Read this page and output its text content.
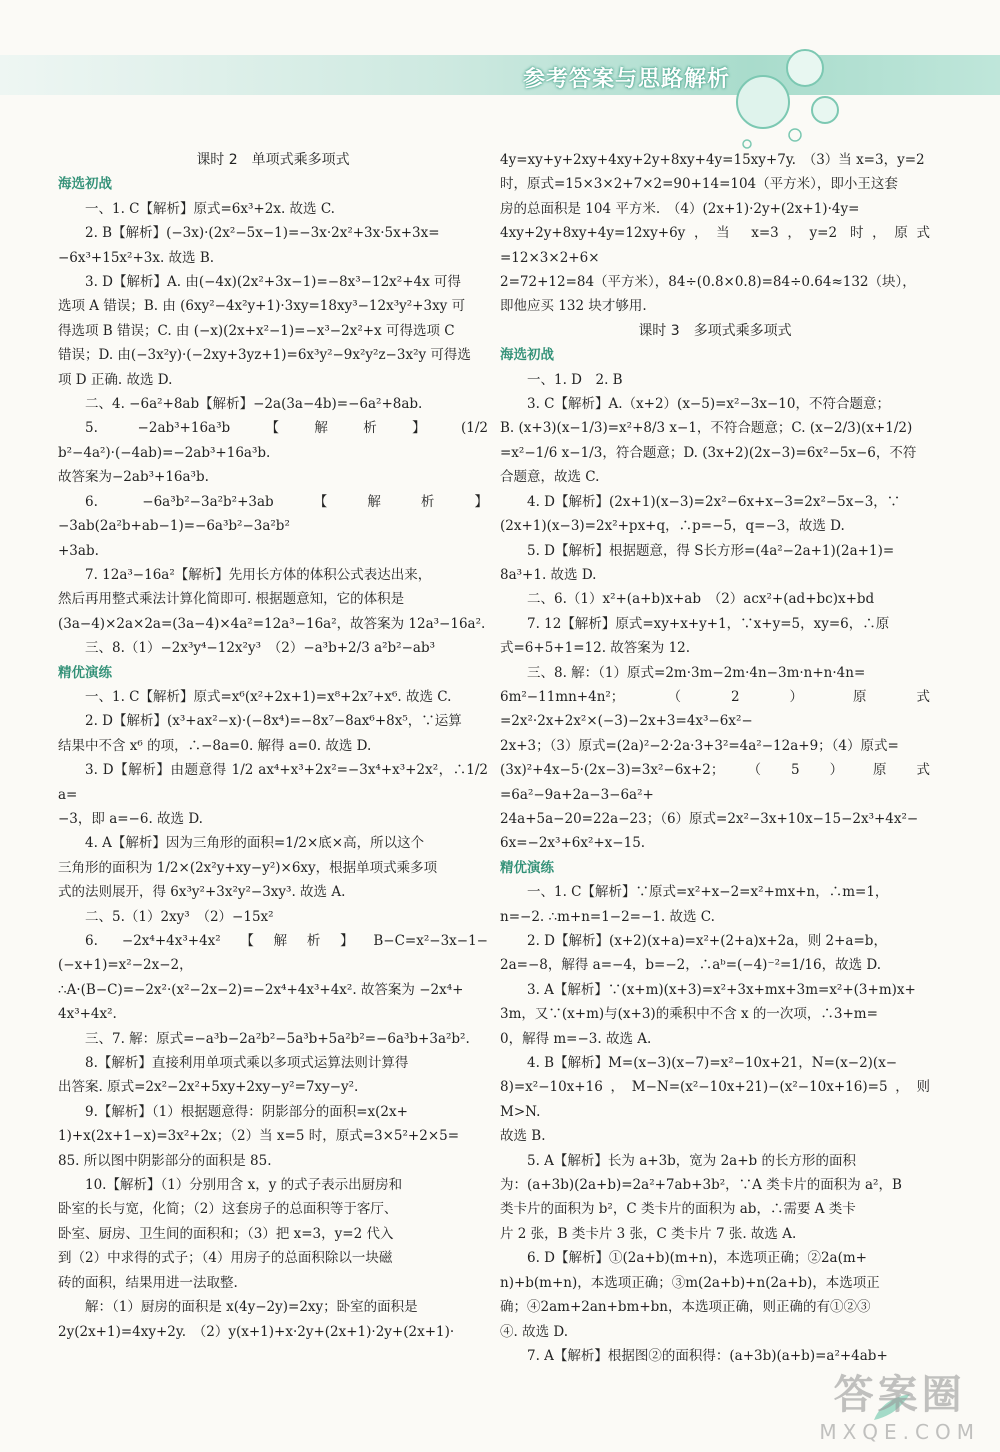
参考答案与思路解析
课时 2　单项式乘多项式
海选初战

一、1. C【解析】原式=6x³+2x. 故选 C.

2. B【解析】(−3x)·(2x²−5x−1)=−3x·2x²+3x·5x+3x=

−6x³+15x²+3x. 故选 B.

3. D【解析】A. 由(−4x)(2x²+3x−1)=−8x³−12x²+4x 可得

选项 A 错误；B. 由 (6xy²−4x²y+1)·3xy=18xy³−12x³y²+3xy 可

得选项 B 错误；C. 由 (−x)(2x+x²−1)=−x³−2x²+x 可得选项 C

错误；D. 由(−3x²y)·(−2xy+3yz+1)=6x³y²−9x²y²z−3x²y 可得选

项 D 正确. 故选 D.

二、4. −6a²+8ab【解析】−2a(3a−4b)=−6a²+8ab.

5. −2ab³+16a³b【解析】(1/2 b²−4a²)·(−4ab)=−2ab³+16a³b.

故答案为−2ab³+16a³b.

6. −6a³b²−3a²b²+3ab【解析】−3ab(2a²b+ab−1)=−6a³b²−3a²b²

+3ab.

7. 12a³−16a²【解析】先用长方体的体积公式表达出来，

然后再用整式乘法计算化简即可. 根据题意知，它的体积是

(3a−4)×2a×2a=(3a−4)×4a²=12a³−16a²，故答案为 12a³−16a².

三、8.（1）−2x³y⁴−12x²y³　（2）−a³b+2/3 a²b²−ab³

精优演练

一、1. C【解析】原式=x⁶(x²+2x+1)=x⁸+2x⁷+x⁶. 故选 C.

2. D【解析】(x³+ax²−x)·(−8x⁴)=−8x⁷−8ax⁶+8x⁵，∵运算

结果中不含 x⁶ 的项，∴−8a=0. 解得 a=0. 故选 D.

3. D【解析】由题意得 1/2 ax⁴+x³+2x²=−3x⁴+x³+2x²，∴1/2 a=

−3，即 a=−6. 故选 D.

4. A【解析】因为三角形的面积=1/2×底×高，所以这个

三角形的面积为 1/2×(2x²y+xy−y²)×6xy，根据单项式乘多项

式的法则展开，得 6x³y²+3x²y²−3xy³. 故选 A.

二、5.（1）2xy³　（2）−15x²

6. −2x⁴+4x³+4x²【解析】B−C=x²−3x−1−(−x+1)=x²−2x−2，

∴A·(B−C)=−2x²·(x²−2x−2)=−2x⁴+4x³+4x². 故答案为 −2x⁴+

4x³+4x².

三、7. 解：原式=−a³b−2a²b²−5a³b+5a²b²=−6a³b+3a²b².

8.【解析】直接利用单项式乘以多项式运算法则计算得

出答案. 原式=2x²−2x²+5xy+2xy−y²=7xy−y².

9.【解析】（1）根据题意得：阴影部分的面积=x(2x+

1)+x(2x+1−x)=3x²+2x；（2）当 x=5 时，原式=3×5²+2×5=

85. 所以图中阴影部分的面积是 85.

10.【解析】（1）分别用含 x，y 的式子表示出厨房和

卧室的长与宽，化简；（2）这套房子的总面积等于客厅、

卧室、厨房、卫生间的面积和；（3）把 x=3，y=2 代入

到（2）中求得的式子；（4）用房子的总面积除以一块磁

砖的面积，结果用进一法取整.

解：（1）厨房的面积是 x(4y−2y)=2xy；卧室的面积是

2y(2x+1)=4xy+2y.　（2）y(x+1)+x·2y+(2x+1)·2y+(2x+1)·

4y=xy+y+2xy+4xy+2y+8xy+4y=15xy+7y.　（3）当 x=3，y=2

时，原式=15×3×2+7×2=90+14=104（平方米），即小王这套

房的总面积是 104 平方米.　（4）(2x+1)·2y+(2x+1)·4y=

4xy+2y+8xy+4y=12xy+6y，当 x=3，y=2 时，原式=12×3×2+6×

2=72+12=84（平方米），84÷(0.8×0.8)=84÷0.64≈132（块），

即他应买 132 块才够用.

课时 3　多项式乘多项式
海选初战

一、1. D　2. B

3. C【解析】A.（x+2）(x−5)=x²−3x−10，不符合题意；

B. (x+3)(x−1/3)=x²+8/3 x−1，不符合题意；C. (x−2/3)(x+1/2)

=x²−1/6 x−1/3，符合题意；D. (3x+2)(2x−3)=6x²−5x−6，不符

合题意，故选 C.

4. D【解析】(2x+1)(x−3)=2x²−6x+x−3=2x²−5x−3，∵

(2x+1)(x−3)=2x²+px+q，∴p=−5，q=−3，故选 D.

5. D【解析】根据题意，得 S长方形=(4a²−2a+1)(2a+1)=

8a³+1. 故选 D.

二、6.（1）x²+(a+b)x+ab　（2）acx²+(ad+bc)x+bd

7. 12【解析】原式=xy+x+y+1，∵x+y=5，xy=6，∴原

式=6+5+1=12. 故答案为 12.

三、8. 解：（1）原式=2m·3m−2m·4n−3m·n+n·4n=

6m²−11mn+4n²；（2）原式=2x²·2x+2x²×(−3)−2x+3=4x³−6x²−

2x+3；（3）原式=(2a)²−2·2a·3+3²=4a²−12a+9；（4）原式=

(3x)²+4x−5·(2x−3)=3x²−6x+2；（5）原式=6a²−9a+2a−3−6a²+

24a+5a−20=22a−23；（6）原式=2x²−3x+10x−15−2x³+4x²−

6x=−2x³+6x²+x−15.

精优演练

一、1. C【解析】∵原式=x²+x−2=x²+mx+n，∴m=1，

n=−2. ∴m+n=1−2=−1. 故选 C.

2. D【解析】(x+2)(x+a)=x²+(2+a)x+2a，则 2+a=b，

2a=−8，解得 a=−4，b=−2，∴aᵇ=(−4)⁻²=1/16，故选 D.

3. A【解析】∵(x+m)(x+3)=x²+3x+mx+3m=x²+(3+m)x+

3m，又∵(x+m)与(x+3)的乘积中不含 x 的一次项，∴3+m=

0，解得 m=−3. 故选 A.

4. B【解析】M=(x−3)(x−7)=x²−10x+21，N=(x−2)(x−

8)=x²−10x+16，M−N=(x²−10x+21)−(x²−10x+16)=5，则M>N.

故选 B.

5. A【解析】长为 a+3b，宽为 2a+b 的长方形的面积

为：(a+3b)(2a+b)=2a²+7ab+3b²，∵A 类卡片的面积为 a²，B

类卡片的面积为 b²，C 类卡片的面积为 ab，∴需要 A 类卡

片 2 张，B 类卡片 3 张，C 类卡片 7 张. 故选 A.

6. D【解析】①(2a+b)(m+n)，本选项正确；②2a(m+

n)+b(m+n)，本选项正确；③m(2a+b)+n(2a+b)，本选项正

确；④2am+2an+bm+bn，本选项正确，则正确的有①②③

④. 故选 D.

7. A【解析】根据图②的面积得：(a+3b)(a+b)=a²+4ab+

答案圈
MXQE.COM
